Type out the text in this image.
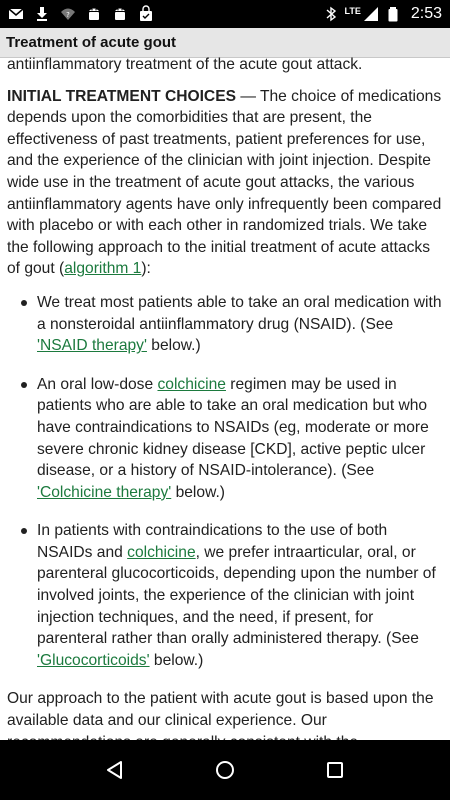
?	LTE	2:53
Treatment of acute gout

antiinflammatory treatment of the acute gout attack.

INITIAL TREATMENT CHOICES — The choice of medications depends upon the comorbidities that are present, the effectiveness of past treatments, patient preferences for use, and the experience of the clinician with joint injection. Despite wide use in the treatment of acute gout attacks, the various antiinflammatory agents have only infrequently been compared with placebo or with each other in randomized trials. We take the following approach to the initial treatment of acute attacks of gout (algorithm 1):

We treat most patients able to take an oral medication with a nonsteroidal antiinflammatory drug (NSAID). (See 'NSAID therapy' below.)
An oral low-dose colchicine regimen may be used in patients who are able to take an oral medication but who have contraindications to NSAIDs (eg, moderate or more severe chronic kidney disease [CKD], active peptic ulcer disease, or a history of NSAID-intolerance). (See 'Colchicine therapy' below.)
In patients with contraindications to the use of both NSAIDs and colchicine, we prefer intraarticular, oral, or parenteral glucocorticoids, depending upon the number of involved joints, the experience of the clinician with joint injection techniques, and the need, if present, for parenteral rather than orally administered therapy. (See 'Glucocorticoids' below.)

Our approach to the patient with acute gout is based upon the available data and our clinical experience. Our
